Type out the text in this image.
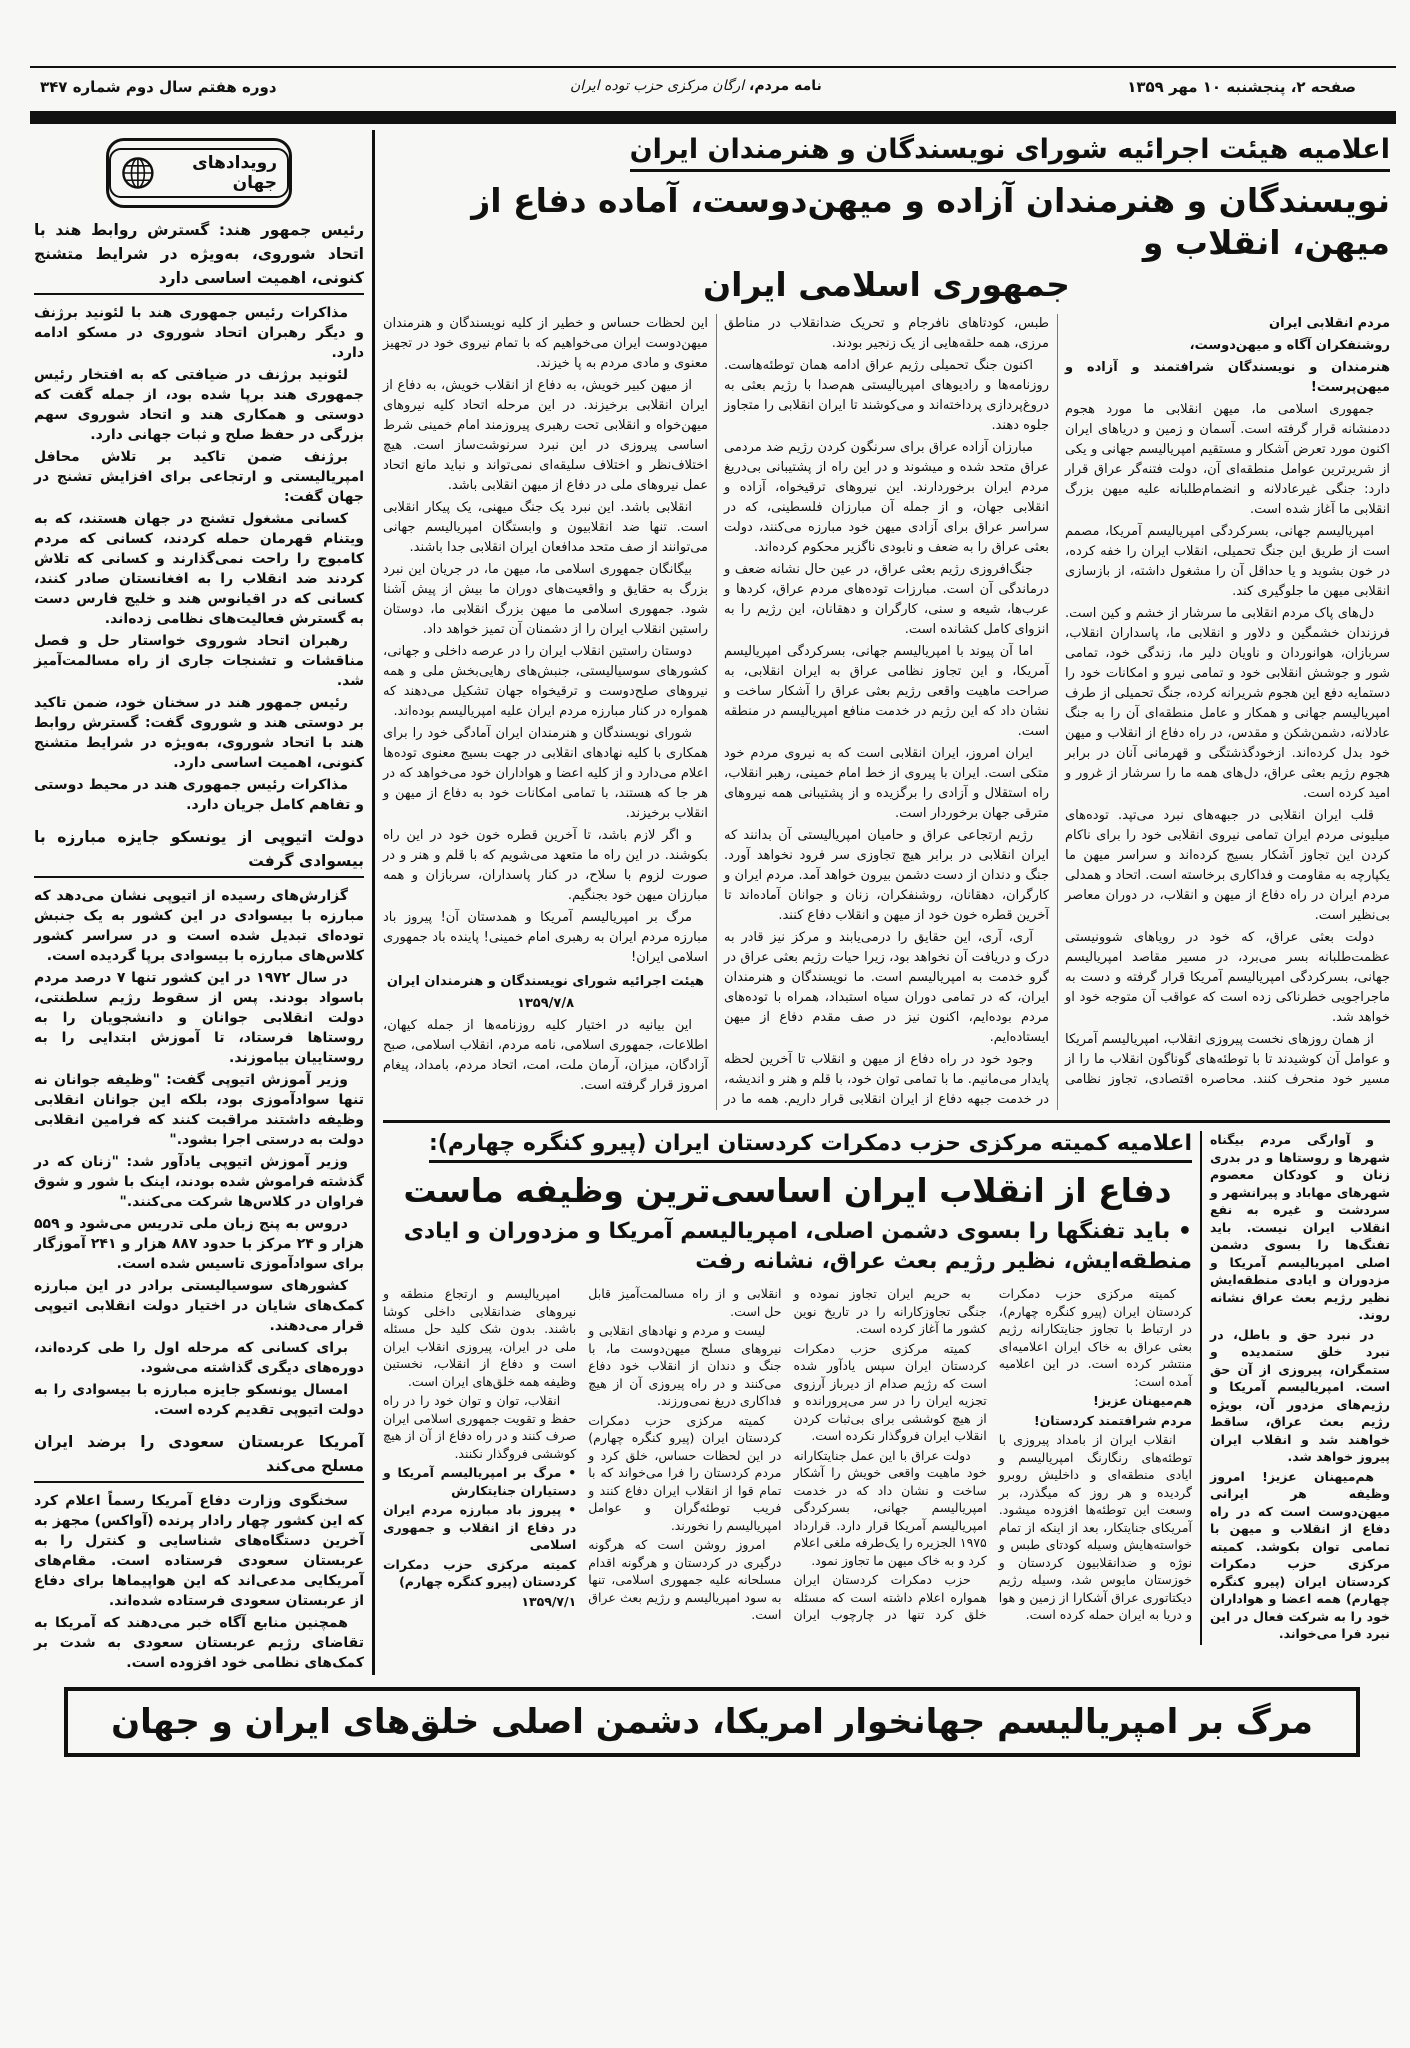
صفحه ۲، پنجشنبه ۱۰ مهر ۱۳۵۹
نامه مردم، ارگان مرکزی حزب توده ایران
دوره هفتم سال دوم شماره ۳۴۷
رویدادهای جهان

رئیس جمهور هند: گسترش روابط هند با اتحاد شوروی، به‌ویژه در شرایط متشنج کنونی، اهمیت اساسی دارد

مذاکرات رئیس جمهوری هند با لئونید برژنف و دیگر رهبران اتحاد شوروی در مسکو ادامه دارد.

لئونید برژنف در ضیافتی که به افتخار رئیس جمهوری هند برپا شده بود، از جمله گفت که دوستی و همکاری هند و اتحاد شوروی سهم بزرگی در حفظ صلح و ثبات جهانی دارد.

برژنف ضمن تاکید بر تلاش محافل امپریالیستی و ارتجاعی برای افزایش تشنج در جهان گفت:

کسانی مشغول تشنج در جهان هستند، که به ویتنام قهرمان حمله کردند، کسانی که مردم کامبوج را راحت نمی‌گذارند و کسانی که تلاش کردند ضد انقلاب را به افغانستان صادر کنند، کسانی که در اقیانوس هند و خلیج فارس دست به گسترش فعالیت‌های نظامی زده‌اند.

رهبران اتحاد شوروی خواستار حل و فصل مناقشات و تشنجات جاری از راه مسالمت‌آمیز شد.

رئیس جمهور هند در سخنان خود، ضمن تاکید بر دوستی هند و شوروی گفت: گسترش روابط هند با اتحاد شوروی، به‌ویژه در شرایط متشنج کنونی، اهمیت اساسی دارد.

مذاکرات رئیس جمهوری هند در محیط دوستی و تفاهم کامل جریان دارد.

دولت اتیوپی از یونسکو جایزه مبارزه با بیسوادی گرفت

گزارش‌های رسیده از اتیوپی نشان می‌دهد که مبارزه با بیسوادی در این کشور به یک جنبش توده‌ای تبدیل شده است و در سراسر کشور کلاس‌های مبارزه با بیسوادی برپا گردیده است.

در سال ۱۹۷۲ در این کشور تنها ۷ درصد مردم باسواد بودند. پس از سقوط رژیم سلطنتی، دولت انقلابی جوانان و دانشجویان را به روستاها فرستاد، تا آموزش ابتدایی را به روستاییان بیاموزند.

وزیر آموزش اتیوپی گفت: "وظیفه جوانان نه تنها سوادآموزی بود، بلکه این جوانان انقلابی وظیفه داشتند مراقبت کنند که فرامین انقلابی دولت به درستی اجرا بشود."

وزیر آموزش اتیوپی یادآور شد: "زنان که در گذشته فراموش شده بودند، اینک با شور و شوق فراوان در کلاس‌ها شرکت می‌کنند."

دروس به پنج زبان ملی تدریس می‌شود و ۵۵۹ هزار و ۲۴ مرکز با حدود ۸۸۷ هزار و ۲۴۱ آموزگار برای سوادآموزی تاسیس شده است.

کشورهای سوسیالیستی برادر در این مبارزه کمک‌های شایان در اختیار دولت انقلابی اتیوپی قرار می‌دهند.

برای کسانی که مرحله اول را طی کرده‌اند، دوره‌های دیگری گذاشته می‌شود.

امسال یونسکو جایزه مبارزه با بیسوادی را به دولت اتیوپی تقدیم کرده است.

آمریکا عربستان سعودی را برضد ایران مسلح می‌کند

سخنگوی وزارت دفاع آمریکا رسماً اعلام کرد که این کشور چهار رادار پرنده (آواکس) مجهز به آخرین دستگاه‌های شناسایی و کنترل را به عربستان سعودی فرستاده است. مقام‌های آمریکایی مدعی‌اند که این هواپیماها برای دفاع از عربستان سعودی فرستاده شده‌اند.

همچنین منابع آگاه خبر می‌دهند که آمریکا به تقاضای رژیم عربستان سعودی به شدت بر کمک‌های نظامی خود افزوده است.

اعلامیه هیئت اجرائیه شورای نویسندگان و هنرمندان ایران
نویسندگان و هنرمندان آزاده و میهن‌دوست، آماده دفاع از میهن، انقلاب و
جمهوری اسلامی ایران

مردم انقلابی ایران

روشنفکران آگاه و میهن‌دوست،

هنرمندان و نویسندگان شرافتمند و آزاده و میهن‌پرست!

جمهوری اسلامی ما، میهن انقلابی ما مورد هجوم ددمنشانه قرار گرفته است. آسمان و زمین و دریاهای ایران اکنون مورد تعرض آشکار و مستقیم امپریالیسم جهانی و یکی از شریرترین عوامل منطقه‌ای آن، دولت فتنه‌گر عراق قرار دارد: جنگی غیرعادلانه و انضمام‌طلبانه علیه میهن بزرگ انقلابی ما آغاز شده است.

امپریالیسم جهانی، بسرکردگی امپریالیسم آمریکا، مصمم است از طریق این جنگ تحمیلی، انقلاب ایران را خفه کرده، در خون بشوید و یا حداقل آن را مشغول داشته، از بازسازی انقلابی میهن ما جلوگیری کند.

دل‌های پاک مردم انقلابی ما سرشار از خشم و کین است. فرزندان خشمگین و دلاور و انقلابی ما، پاسداران انقلاب، سربازان، هوانوردان و ناویان دلیر ما، زندگی خود، تمامی شور و جوشش انقلابی خود و تمامی نیرو و امکانات خود را دستمایه دفع این هجوم شریرانه کرده، جنگ تحمیلی از طرف امپریالیسم جهانی و همکار و عامل منطقه‌ای آن را به جنگ عادلانه، دشمن‌شکن و مقدس، در راه دفاع از انقلاب و میهن خود بدل کرده‌اند. ازخودگذشتگی و قهرمانی آنان در برابر هجوم رژیم بعثی عراق، دل‌های همه ما را سرشار از غرور و امید کرده است.

قلب ایران انقلابی در جبهه‌های نبرد می‌تپد. توده‌های میلیونی مردم ایران تمامی نیروی انقلابی خود را برای ناکام کردن این تجاوز آشکار بسیج کرده‌اند و سراسر میهن ما یکپارچه به مقاومت و فداکاری برخاسته است. اتحاد و همدلی مردم ایران در راه دفاع از میهن و انقلاب، در دوران معاصر بی‌نظیر است.

دولت بعثی عراق، که خود در رویاهای شوونیستی عظمت‌طلبانه بسر می‌برد، در مسیر مقاصد امپریالیسم جهانی، بسرکردگی امپریالیسم آمریکا قرار گرفته و دست به ماجراجویی خطرناکی زده است که عواقب آن متوجه خود او خواهد شد.

از همان روزهای نخست پیروزی انقلاب، امپریالیسم آمریکا و عوامل آن کوشیدند تا با توطئه‌های گوناگون انقلاب ما را از مسیر خود منحرف کنند. محاصره اقتصادی، تجاوز نظامی طبس، کودتاهای نافرجام و تحریک ضدانقلاب در مناطق مرزی، همه حلقه‌هایی از یک زنجیر بودند.

اکنون جنگ تحمیلی رژیم عراق ادامه همان توطئه‌هاست. روزنامه‌ها و رادیوهای امپریالیستی هم‌صدا با رژیم بعثی به دروغ‌پردازی پرداخته‌اند و می‌کوشند تا ایران انقلابی را متجاوز جلوه دهند.

مبارزان آزاده عراق برای سرنگون کردن رژیم ضد مردمی عراق متحد شده و میشوند و در این راه از پشتیبانی بی‌دریغ مردم ایران برخوردارند. این نیروهای ترقیخواه، آزاده و انقلابی جهان، و از جمله آن مبارزان فلسطینی، که در سراسر عراق برای آزادی میهن خود مبارزه می‌کنند، دولت بعثی عراق را به ضعف و نابودی ناگزیر محکوم کرده‌اند.

جنگ‌افروزی رژیم بعثی عراق، در عین حال نشانه ضعف و درماندگی آن است. مبارزات توده‌های مردم عراق، کردها و عرب‌ها، شیعه و سنی، کارگران و دهقانان، این رژیم را به انزوای کامل کشانده است.

اما آن پیوند با امپریالیسم جهانی، بسرکردگی امپریالیسم آمریکا، و این تجاوز نظامی عراق به ایران انقلابی، به صراحت ماهیت واقعی رژیم بعثی عراق را آشکار ساخت و نشان داد که این رژیم در خدمت منافع امپریالیسم در منطقه است.

ایران امروز، ایران انقلابی است که به نیروی مردم خود متکی است. ایران با پیروی از خط امام خمینی، رهبر انقلاب، راه استقلال و آزادی را برگزیده و از پشتیبانی همه نیروهای مترقی جهان برخوردار است.

رژیم ارتجاعی عراق و حامیان امپریالیستی آن بدانند که ایران انقلابی در برابر هیچ تجاوزی سر فرود نخواهد آورد. جنگ و دندان از دست دشمن بیرون خواهد آمد. مردم ایران و کارگران، دهقانان، روشنفکران، زنان و جوانان آماده‌اند تا آخرین قطره خون خود از میهن و انقلاب دفاع کنند.

آری، آری، این حقایق را درمی‌یابند و مرکز نیز قادر به درک و دریافت آن نخواهد بود، زیرا حیات رژیم بعثی عراق در گرو خدمت به امپریالیسم است. ما نویسندگان و هنرمندان ایران، که در تمامی دوران سیاه استبداد، همراه با توده‌های مردم بوده‌ایم، اکنون نیز در صف مقدم دفاع از میهن ایستاده‌ایم.

وجود خود در راه دفاع از میهن و انقلاب تا آخرین لحظه پایدار می‌مانیم. ما با تمامی توان خود، با قلم و هنر و اندیشه، در خدمت جبهه دفاع از ایران انقلابی قرار داریم. همه ما در این لحظات حساس و خطیر از کلیه نویسندگان و هنرمندان میهن‌دوست ایران می‌خواهیم که با تمام نیروی خود در تجهیز معنوی و مادی مردم به پا خیزند.

از میهن کبیر خویش، به دفاع از انقلاب خویش، به دفاع از ایران انقلابی برخیزند. در این مرحله اتحاد کلیه نیروهای میهن‌خواه و انقلابی تحت رهبری پیروزمند امام خمینی شرط اساسی پیروزی در این نبرد سرنوشت‌ساز است. هیچ اختلاف‌نظر و اختلاف سلیقه‌ای نمی‌تواند و نباید مانع اتحاد عمل نیروهای ملی در دفاع از میهن انقلابی باشد.

انقلابی باشد. این نبرد یک جنگ میهنی، یک پیکار انقلابی است. تنها ضد انقلابیون و وابستگان امپریالیسم جهانی می‌توانند از صف متحد مدافعان ایران انقلابی جدا باشند.

بیگانگان جمهوری اسلامی ما، میهن ما، در جریان این نبرد بزرگ به حقایق و واقعیت‌های دوران ما بیش از پیش آشنا شود. جمهوری اسلامی ما میهن بزرگ انقلابی ما، دوستان راستین انقلاب ایران را از دشمنان آن تمیز خواهد داد.

دوستان راستین انقلاب ایران را در عرصه داخلی و جهانی، کشورهای سوسیالیستی، جنبش‌های رهایی‌بخش ملی و همه نیروهای صلح‌دوست و ترقیخواه جهان تشکیل می‌دهند که همواره در کنار مبارزه مردم ایران علیه امپریالیسم بوده‌اند.

شورای نویسندگان و هنرمندان ایران آمادگی خود را برای همکاری با کلیه نهادهای انقلابی در جهت بسیج معنوی توده‌ها اعلام می‌دارد و از کلیه اعضا و هواداران خود می‌خواهد که در هر جا که هستند، با تمامی امکانات خود به دفاع از میهن و انقلاب برخیزند.

و اگر لازم باشد، تا آخرین قطره خون خود در این راه بکوشند. در این راه ما متعهد می‌شویم که با قلم و هنر و در صورت لزوم با سلاح، در کنار پاسداران، سربازان و همه مبارزان میهن خود بجنگیم.

مرگ بر امپریالیسم آمریکا و همدستان آن! پیروز باد مبارزه مردم ایران به رهبری امام خمینی! پاینده باد جمهوری اسلامی ایران!

هیئت اجرائیه شورای نویسندگان و هنرمندان ایران

۱۳۵۹/۷/۸

این بیانیه در اختیار کلیه روزنامه‌ها از جمله کیهان، اطلاعات، جمهوری اسلامی، نامه مردم، انقلاب اسلامی، صبح آزادگان، میزان، آرمان ملت، امت، اتحاد مردم، بامداد، پیغام امروز قرار گرفته است.

اعلامیه کمیته مرکزی حزب دمکرات کردستان ایران (پیرو کنگره چهارم):
دفاع از انقلاب ایران اساسی‌ترین وظیفه ماست
• باید تفنگها را بسوی دشمن اصلی، امپریالیسم آمریکا و مزدوران و ایادی
منطقه‌ایش، نظیر رژیم بعث عراق، نشانه رفت

کمیته مرکزی حزب دمکرات کردستان ایران (پیرو کنگره چهارم)، در ارتباط با تجاوز جنایتکارانه رژیم بعثی عراق به خاک ایران اعلامیه‌ای منتشر کرده است. در این اعلامیه آمده است:

هم‌میهنان عزیز!

مردم شرافتمند کردستان!

انقلاب ایران از بامداد پیروزی با توطئه‌های رنگارنگ امپریالیسم و ایادی منطقه‌ای و داخلیش روبرو گردیده و هر روز که میگذرد، بر وسعت این توطئه‌ها افزوده میشود. آمریکای جنایتکار، بعد از اینکه از تمام خواسته‌هایش وسیله کودتای طبس و نوژه و ضدانقلابیون کردستان و خوزستان مایوس شد، وسیله رژیم دیکتاتوری عراق آشکارا از زمین و هوا و دریا به ایران حمله کرده است.

به حریم ایران تجاوز نموده و جنگی تجاوزکارانه را در تاریخ نوین کشور ما آغاز کرده است.

کمیته مرکزی حزب دمکرات کردستان ایران سپس یادآور شده است که رژیم صدام از دیرباز آرزوی تجزیه ایران را در سر می‌پرورانده و از هیچ کوششی برای بی‌ثبات کردن انقلاب ایران فروگذار نکرده است.

دولت عراق با این عمل جنایتکارانه خود ماهیت واقعی خویش را آشکار ساخت و نشان داد که در خدمت امپریالیسم جهانی، بسرکردگی امپریالیسم آمریکا قرار دارد. قرارداد ۱۹۷۵ الجزیره را یک‌طرفه ملغی اعلام کرد و به خاک میهن ما تجاوز نمود.

حزب دمکرات کردستان ایران همواره اعلام داشته است که مسئله خلق کرد تنها در چارچوب ایران انقلابی و از راه مسالمت‌آمیز قابل حل است.

لیست و مردم و نهادهای انقلابی و نیروهای مسلح میهن‌دوست ما، با جنگ و دندان از انقلاب خود دفاع می‌کنند و در راه پیروزی آن از هیچ فداکاری دریغ نمی‌ورزند.

کمیته مرکزی حزب دمکرات کردستان ایران (پیرو کنگره چهارم) در این لحظات حساس، خلق کرد و مردم کردستان را فرا می‌خواند که با تمام قوا از انقلاب ایران دفاع کنند و فریب توطئه‌گران و عوامل امپریالیسم را نخورند.

امروز روشن است که هرگونه درگیری در کردستان و هرگونه اقدام مسلحانه علیه جمهوری اسلامی، تنها به سود امپریالیسم و رژیم بعث عراق است.

امپریالیسم و ارتجاع منطقه و نیروهای ضدانقلابی داخلی کوشا باشند. بدون شک کلید حل مسئله ملی در ایران، پیروزی انقلاب ایران است و دفاع از انقلاب، نخستین وظیفه همه خلق‌های ایران است.

انقلاب، توان و توان خود را در راه حفظ و تقویت جمهوری اسلامی ایران صرف کنند و در راه دفاع از آن از هیچ کوششی فروگذار نکنند.

• مرگ بر امپریالیسم آمریکا و دستیاران جنایتکارش

• پیروز باد مبارزه مردم ایران در دفاع از انقلاب و جمهوری اسلامی

کمیته مرکزی حزب دمکرات کردستان (پیرو کنگره چهارم)

۱۳۵۹/۷/۱

و آوارگی مردم بیگناه شهرها و روستاها و در بدری زنان و کودکان معصوم شهرهای مهاباد و پیرانشهر و سردشت و غیره به نفع انقلاب ایران نیست. باید تفنگ‌ها را بسوی دشمن اصلی امپریالیسم آمریکا و مزدوران و ایادی منطقه‌ایش نظیر رژیم بعث عراق نشانه روند.

در نبرد حق و باطل، در نبرد خلق ستمدیده و ستمگران، پیروزی از آن حق است. امپریالیسم آمریکا و رژیم‌های مزدور آن، بویژه رژیم بعث عراق، ساقط خواهند شد و انقلاب ایران پیروز خواهد شد.

هم‌میهنان عزیز! امروز وظیفه هر ایرانی میهن‌دوست است که در راه دفاع از انقلاب و میهن با تمامی توان بکوشد. کمیته مرکزی حزب دمکرات کردستان ایران (پیرو کنگره چهارم) همه اعضا و هواداران خود را به شرکت فعال در این نبرد فرا می‌خواند.

مرگ بر امپریالیسم جهانخوار امریکا، دشمن اصلی خلق‌های ایران و جهان
